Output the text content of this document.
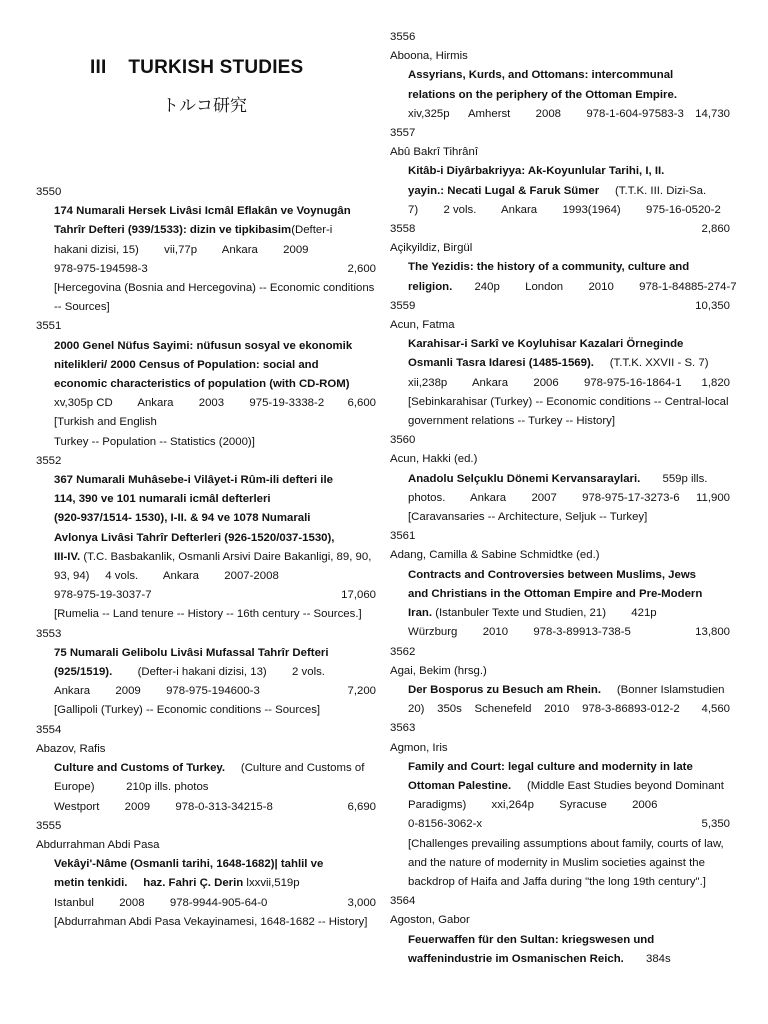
III    TURKISH STUDIES
トルコ研究
3550
174 Numarali Hersek Livâsi Icmâl Eflakân ve Voynugân
Tahrîr Defteri (939/1533): dizin ve tipkibasim(Defter-i
hakani dizisi, 15)        vii,77p        Ankara        2009
2,600
978-975-194598-3
[Hercegovina (Bosnia and Hercegovina) -- Economic conditions
-- Sources]
3551
2000 Genel Nüfus Sayimi: nüfusun sosyal ve ekonomik
nitelikleri/ 2000 Census of Population: social and
economic characteristics of population (with CD-ROM)
6,600
xv,305p CD        Ankara        2003        975-19-3338-2
[Turkish and English
Turkey -- Population -- Statistics (2000)]
3552
367 Numarali Muhâsebe-i Vilâyet-i Rûm-ili defteri ile
114, 390 ve 101 numarali icmâl defterleri
(920-937/1514- 1530), I-II. & 94 ve 1078 Numarali
Avlonya Livâsi Tahrîr Defterleri (926-1520/037-1530),
III-IV. (T.C. Basbakanlik, Osmanli Arsivi Daire Bakanligi, 89, 90,
93, 94)     4 vols.        Ankara        2007-2008
17,060
978-975-19-3037-7
[Rumelia -- Land tenure -- History -- 16th century -- Sources.]
3553
75 Numarali Gelibolu Livâsi Mufassal Tahrîr Defteri
(925/1519).        (Defter-i hakani dizisi, 13)        2 vols.
7,200
Ankara        2009        978-975-194600-3
[Gallipoli (Turkey) -- Economic conditions -- Sources]
3554
Abazov, Rafis
Culture and Customs of Turkey.     (Culture and Customs of
Europe)          210p ills. photos
6,690
Westport        2009        978-0-313-34215-8
3555
Abdurrahman Abdi Pasa
Vekâyi'-Nâme (Osmanli tarihi, 1648-1682)| tahlil ve
metin tenkidi.     haz. Fahri Ç. Derin lxxvii,519p
3,000
Istanbul        2008        978-9944-905-64-0
[Abdurrahman Abdi Pasa Vekayinamesi, 1648-1682 -- History]
3556
Aboona, Hirmis
Assyrians, Kurds, and Ottomans: intercommunal
relations on the periphery of the Ottoman Empire.
14,730
xiv,325p      Amherst        2008        978-1-604-97583-3
3557
Abû Bakrî Tihrânî
Kitâb-i Diyârbakriyya: Ak-Koyunlular Tarihi, I, II.
yayin.: Necati Lugal & Faruk Sümer     (T.T.K. III. Dizi-Sa.
7)        2 vols.        Ankara        1993(1964)        975-16-0520-2
2,860
3558
Açikyildiz, Birgül
The Yezidis: the history of a community, culture and
religion.       240p        London        2010        978-1-84885-274-7
10,350
3559
Acun, Fatma
Karahisar-i Sarkî ve Koyluhisar Kazalari Örneginde
Osmanli Tasra Idaresi (1485-1569).     (T.T.K. XXVII - S. 7)
1,820
xii,238p        Ankara        2006        978-975-16-1864-1
[Sebinkarahisar (Turkey) -- Economic conditions -- Central-local
government relations -- Turkey -- History]
3560
Acun, Hakki (ed.)
Anadolu Selçuklu Dönemi Kervansaraylari.       559p ills.
11,900
photos.        Ankara        2007        978-975-17-3273-6
[Caravansaries -- Architecture, Seljuk -- Turkey]
3561
Adang, Camilla & Sabine Schmidtke (ed.)
Contracts and Controversies between Muslims, Jews
and Christians in the Ottoman Empire and Pre-Modern
Iran. (Istanbuler Texte und Studien, 21)        421p
13,800
Würzburg        2010        978-3-89913-738-5
3562
Agai, Bekim (hrsg.)
Der Bosporus zu Besuch am Rhein.     (Bonner Islamstudien
4,560
20)    350s    Schenefeld    2010    978-3-86893-012-2
3563
Agmon, Iris
Family and Court: legal culture and modernity in late
Ottoman Palestine.     (Middle East Studies beyond Dominant
Paradigms)        xxi,264p        Syracuse        2006
5,350
0-8156-3062-x
[Challenges prevailing assumptions about family, courts of law,
and the nature of modernity in Muslim societies against the
backdrop of Haifa and Jaffa during "the long 19th century".]
3564
Agoston, Gabor
Feuerwaffen für den Sultan: kriegswesen und
waffenindustrie im Osmanischen Reich.       384s
